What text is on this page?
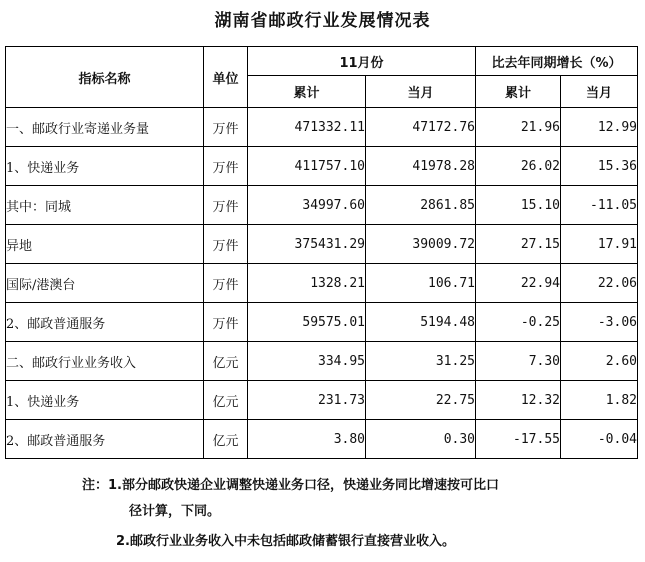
湖南省邮政行业发展情况表
指标名称	单位	11月份		比去年同期增长（%）	
		累计	当月	累计	当月
一、邮政行业寄递业务量	万件	471332.11	47172.76	21.96	12.99
1、快递业务	万件	411757.10	41978.28	26.02	15.36
其中：同城	万件	34997.60	2861.85	15.10	-11.05
异地	万件	375431.29	39009.72	27.15	17.91
国际/港澳台	万件	1328.21	106.71	22.94	22.06
2、邮政普通服务	万件	59575.01	5194.48	-0.25	-3.06
二、邮政行业业务收入	亿元	334.95	31.25	7.30	2.60
1、快递业务	亿元	231.73	22.75	12.32	1.82
2、邮政普通服务	亿元	3.80	0.30	-17.55	-0.04
注：1.部分邮政快递企业调整快递业务口径，快递业务同比增速按可比口
径计算，下同。
2.邮政行业业务收入中未包括邮政储蓄银行直接营业收入。
